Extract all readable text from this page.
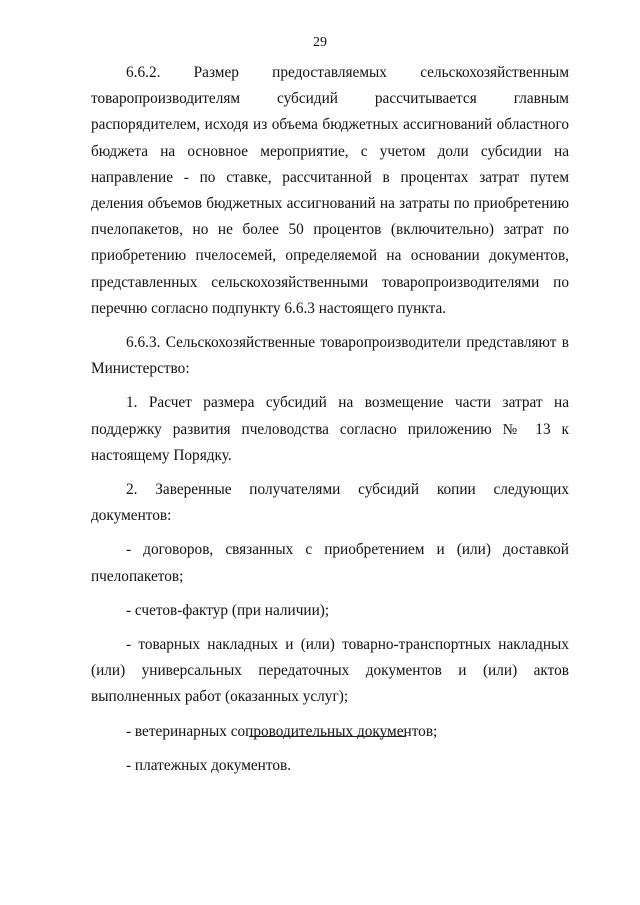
29

6.6.2. Размер предоставляемых сельскохозяйственным товаропроизводителям субсидий рассчитывается главным распорядителем, исходя из объема бюджетных ассигнований областного бюджета на основное мероприятие, с учетом доли субсидии на направление - по ставке, рассчитанной в процентах затрат путем деления объемов бюджетных ассигнований на затраты по приобретению пчелопакетов, но не более 50 процентов (включительно) затрат по приобретению пчелосемей, определяемой на основании документов, представленных сельскохозяйственными товаропроизводителями по перечню согласно подпункту 6.6.3 настоящего пункта.

6.6.3. Сельскохозяйственные товаропроизводители представляют в Министерство:

1. Расчет размера субсидий на возмещение части затрат на поддержку развития пчеловодства согласно приложению № 13 к настоящему Порядку.

2. Заверенные получателями субсидий копии следующих документов:

- договоров, связанных с приобретением и (или) доставкой пчелопакетов;

- счетов-фактур (при наличии);

- товарных накладных и (или) товарно-транспортных накладных (или) универсальных передаточных документов и (или) актов выполненных работ (оказанных услуг);

- ветеринарных сопроводительных документов;

- платежных документов.
